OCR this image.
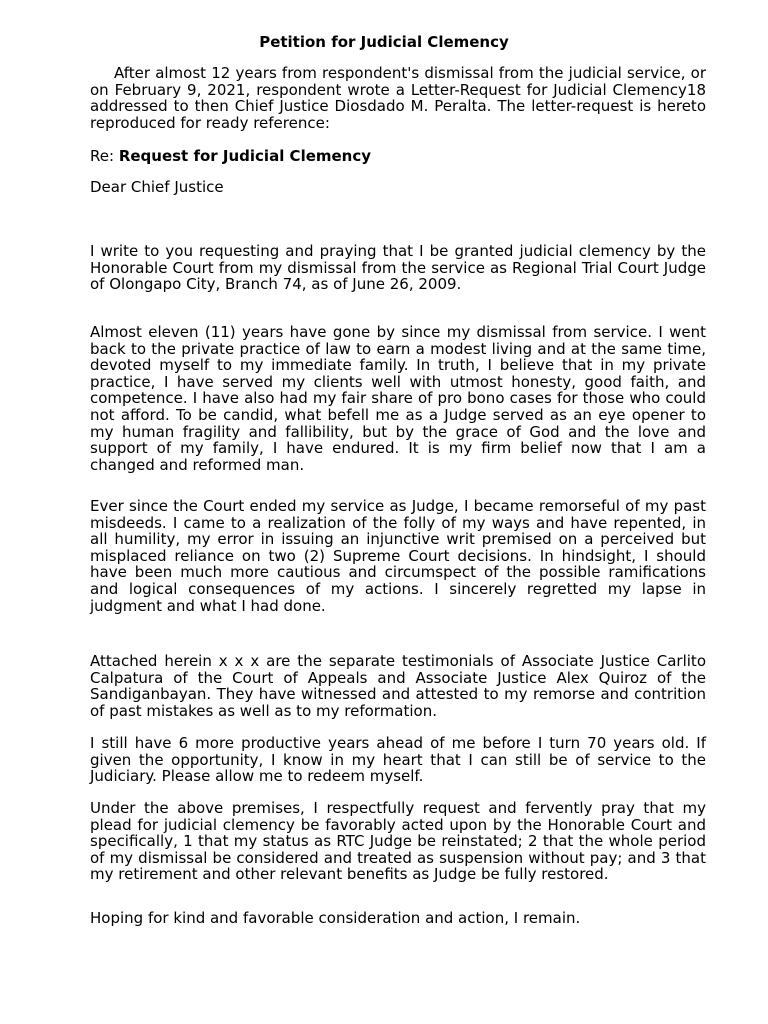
Petition for Judicial Clemency

After almost 12 years from respondent's dismissal from the judicial service, or on February 9, 2021, respondent wrote a Letter-Request for Judicial Clemency18 addressed to then Chief Justice Diosdado M. Peralta. The letter-request is hereto reproduced for ready reference:

Re: Request for Judicial Clemency

Dear Chief Justice

I write to you requesting and praying that I be granted judicial clemency by the Honorable Court from my dismissal from the service as Regional Trial Court Judge of Olongapo City, Branch 74, as of June 26, 2009.

Almost eleven (11) years have gone by since my dismissal from service. I went back to the private practice of law to earn a modest living and at the same time, devoted myself to my immediate family. In truth, I believe that in my private practice, I have served my clients well with utmost honesty, good faith, and competence. I have also had my fair share of pro bono cases for those who could not afford. To be candid, what befell me as a Judge served as an eye opener to my human fragility and fallibility, but by the grace of God and the love and support of my family, I have endured. It is my firm belief now that I am a changed and reformed man.

Ever since the Court ended my service as Judge, I became remorseful of my past misdeeds. I came to a realization of the folly of my ways and have repented, in all humility, my error in issuing an injunctive writ premised on a perceived but misplaced reliance on two (2) Supreme Court decisions. In hindsight, I should have been much more cautious and circumspect of the possible ramifications and logical consequences of my actions. I sincerely regretted my lapse in judgment and what I had done.

Attached herein x x x are the separate testimonials of Associate Justice Carlito Calpatura of the Court of Appeals and Associate Justice Alex Quiroz of the Sandiganbayan. They have witnessed and attested to my remorse and contrition of past mistakes as well as to my reformation.

I still have 6 more productive years ahead of me before I turn 70 years old. If given the opportunity, I know in my heart that I can still be of service to the Judiciary. Please allow me to redeem myself.

Under the above premises, I respectfully request and fervently pray that my plead for judicial clemency be favorably acted upon by the Honorable Court and specifically, 1 that my status as RTC Judge be reinstated; 2 that the whole period of my dismissal be considered and treated as suspension without pay; and 3 that my retirement and other relevant benefits as Judge be fully restored.

Hoping for kind and favorable consideration and action, I remain.
